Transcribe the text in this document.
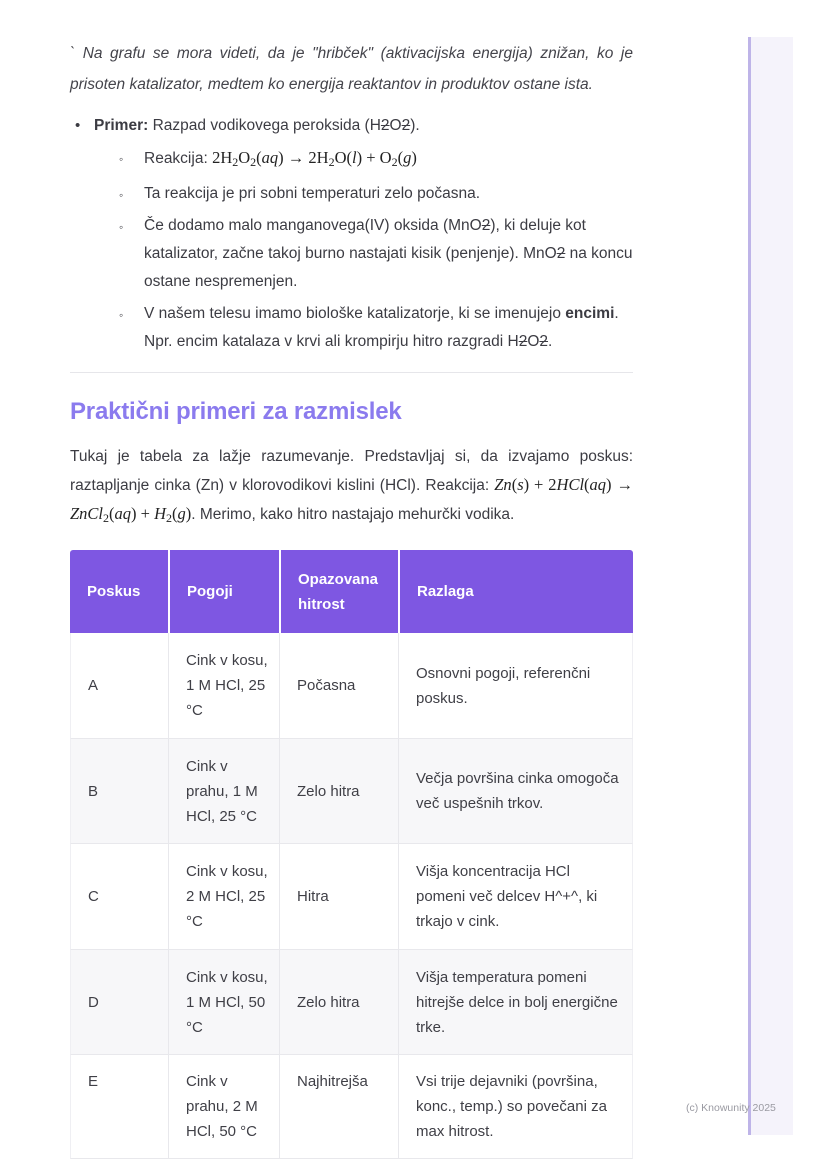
` Na grafu se mora videti, da je "hribček" (aktivacijska energija) znižan, ko je prisoten katalizator, medtem ko energija reaktantov in produktov ostane ista.

• Primer: Razpad vodikovega peroksida (H2O2).
◦ Reakcija: 2H2O2(aq) → 2H2O(l) + O2(g)
◦ Ta reakcija je pri sobni temperaturi zelo počasna.
◦ Če dodamo malo manganovega(IV) oksida (MnO2), ki deluje kot katalizator, začne takoj burno nastajati kisik (penjenje). MnO2 na koncu ostane nespremenjen.
◦ V našem telesu imamo biološke katalizatorje, ki se imenujejo encimi. Npr. encim katalaza v krvi ali krompirju hitro razgradi H2O2.
Praktični primeri za razmislek

Tukaj je tabela za lažje razumevanje. Predstavljaj si, da izvajamo poskus: raztapljanje cinka (Zn) v klorovodikovi kislini (HCl). Reakcija: Zn(s) + 2HCl(aq) → ZnCl2(aq) + H2(g). Merimo, kako hitro nastajajo mehurčki vodika.

Poskus	Pogoji	Opazovana hitrost	Razlaga
A	Cink v kosu, 1 M HCl, 25 °C	Počasna	Osnovni pogoji, referenčni poskus.
B	Cink v prahu, 1 M HCl, 25 °C	Zelo hitra	Večja površina cinka omogoča več uspešnih trkov.
C	Cink v kosu, 2 M HCl, 25 °C	Hitra	Višja koncentracija HCl pomeni več delcev H^+^, ki trkajo v cink.
D	Cink v kosu, 1 M HCl, 50 °C	Zelo hitra	Višja temperatura pomeni hitrejše delce in bolj energične trke.
E	Cink v prahu, 2 M HCl, 50 °C	Najhitrejša	Vsi trije dejavniki (površina, konc., temp.) so povečani za max hitrost.
(c) Knowunity 2025
